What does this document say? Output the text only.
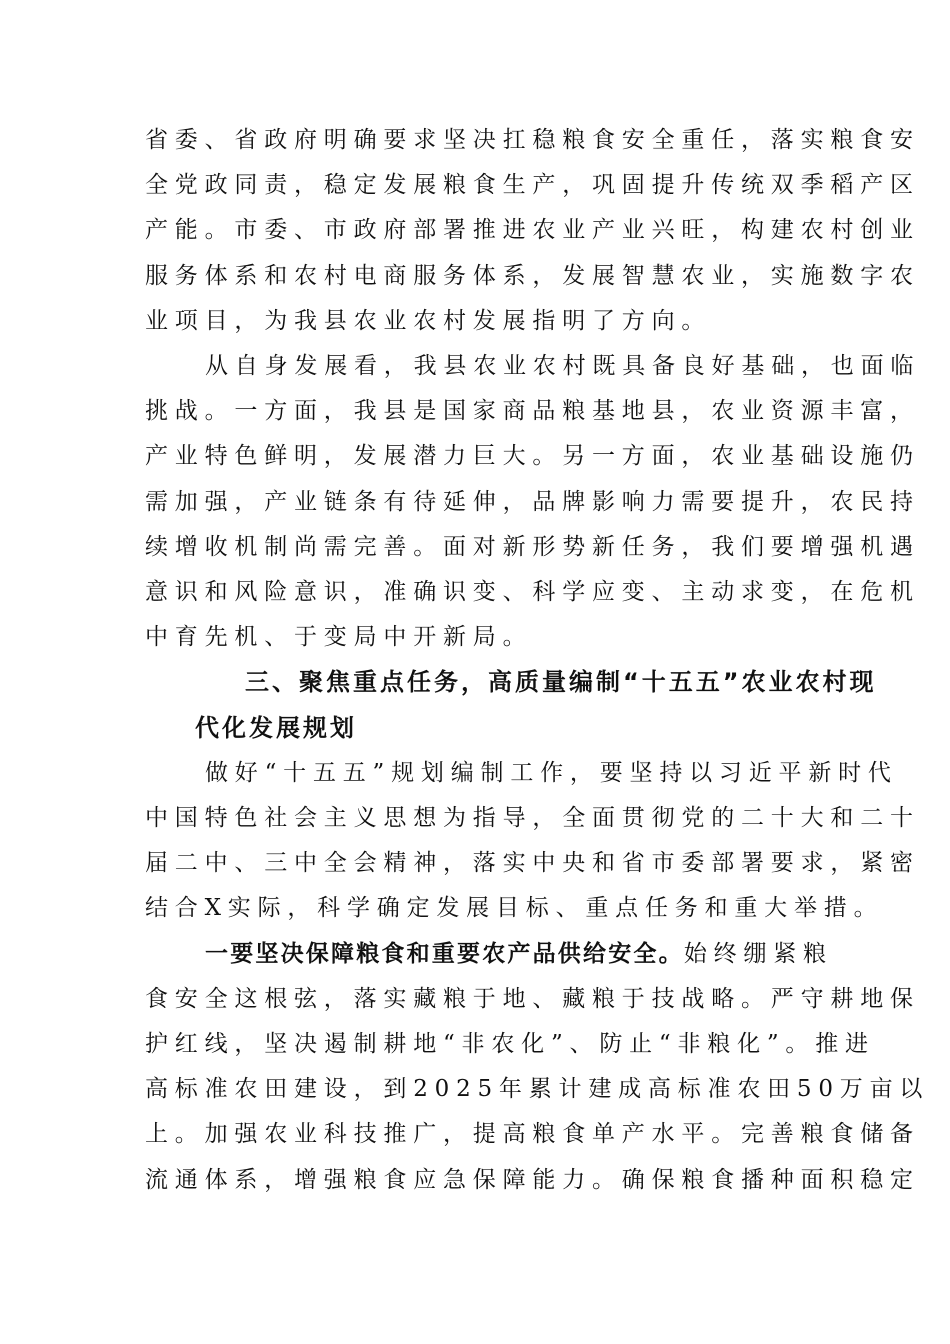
省委、省政府明确要求坚决扛稳粮食安全重任，落实粮食安
全党政同责，稳定发展粮食生产，巩固提升传统双季稻产区
产能。市委、市政府部署推进农业产业兴旺，构建农村创业
服务体系和农村电商服务体系，发展智慧农业，实施数字农
业项目，为我县农业农村发展指明了方向。
从自身发展看，我县农业农村既具备良好基础，也面临
挑战。一方面，我县是国家商品粮基地县，农业资源丰富，
产业特色鲜明，发展潜力巨大。另一方面，农业基础设施仍
需加强，产业链条有待延伸，品牌影响力需要提升，农民持
续增收机制尚需完善。面对新形势新任务，我们要增强机遇
意识和风险意识，准确识变、科学应变、主动求变，在危机
中育先机、于变局中开新局。
三、聚焦重点任务，高质量编制“十五五”农业农村现
代化发展规划
做好“十五五”规划编制工作，要坚持以习近平新时代
中国特色社会主义思想为指导，全面贯彻党的二十大和二十
届二中、三中全会精神，落实中央和省市委部署要求，紧密
结合X实际，科学确定发展目标、重点任务和重大举措。
一要坚决保障粮食和重要农产品供给安全。始终绷紧粮
食安全这根弦，落实藏粮于地、藏粮于技战略。严守耕地保
护红线，坚决遏制耕地“非农化”、防止“非粮化”。推进
高标准农田建设，到2025年累计建成高标准农田50万亩以
上。加强农业科技推广，提高粮食单产水平。完善粮食储备
流通体系，增强粮食应急保障能力。确保粮食播种面积稳定
